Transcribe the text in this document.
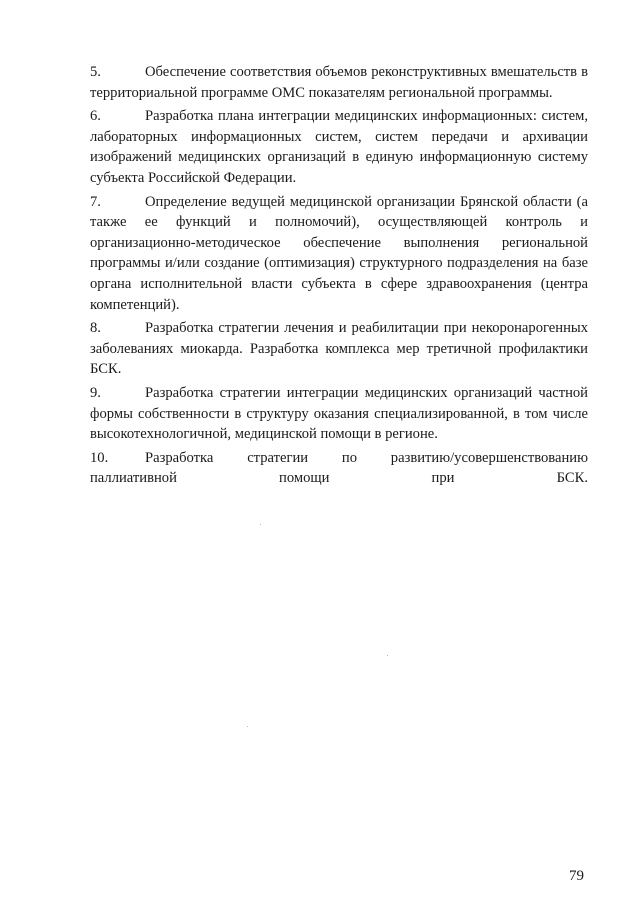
5.	Обеспечение соответствия объемов реконструктивных вмешательств в территориальной программе ОМС показателям региональной программы.

6.	Разработка плана интеграции медицинских информационных: систем, лабораторных информационных систем, систем передачи и архивации изображений медицинских организаций в единую информационную систему субъекта Российской Федерации.

7.	Определение ведущей медицинской организации Брянской области (а также ее функций и полномочий), осуществляющей контроль и организационно-методическое обеспечение выполнения региональной программы и/или создание (оптимизация) структурного подразделения на базе органа исполнительной власти субъекта в сфере здравоохранения (центра компетенций).

8.	Разработка стратегии лечения и реабилитации при некоронарогенных заболеваниях миокарда. Разработка комплекса мер третичной профилактики БСК.

9.	Разработка стратегии интеграции медицинских организаций частной формы собственности в структуру оказания специализированной, в том числе высокотехнологичной, медицинской помощи в регионе.

10.	Разработка стратегии по развитию/усовершенствованию паллиативной помощи при БСК.

79
